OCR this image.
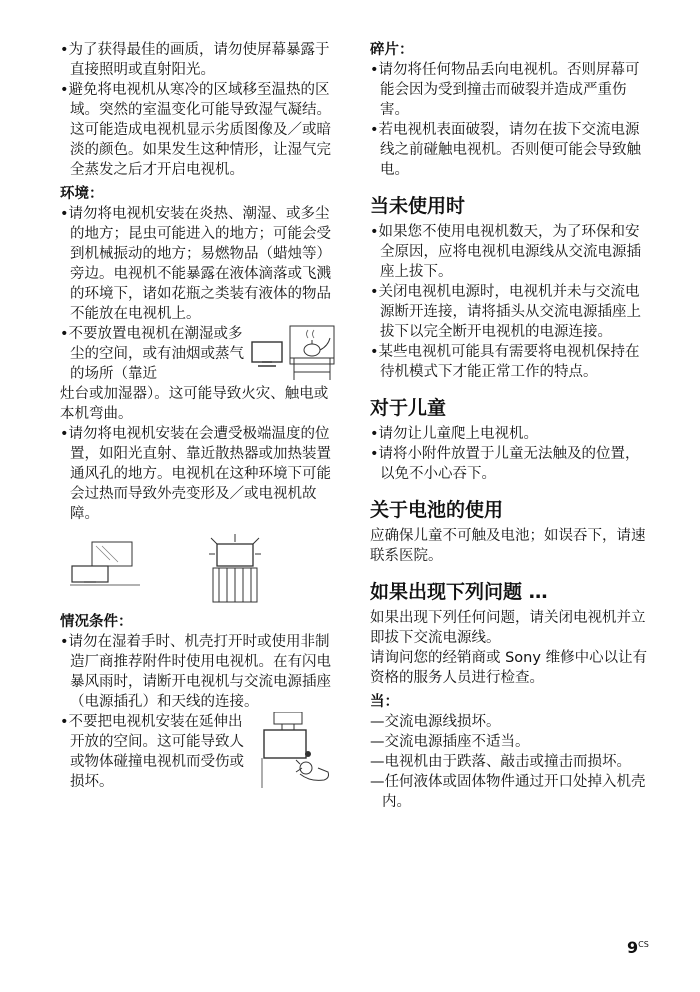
•为了获得最佳的画质，请勿使屏幕暴露于直接照明或直射阳光。

•避免将电视机从寒冷的区域移至温热的区域。突然的室温变化可能导致湿气凝结。这可能造成电视机显示劣质图像及／或暗淡的颜色。如果发生这种情形，让湿气完全蒸发之后才开启电视机。

环境：

•请勿将电视机安装在炎热、潮湿、或多尘的地方；昆虫可能进入的地方；可能会受到机械振动的地方；易燃物品（蜡烛等）旁边。电视机不能暴露在液体滴落或飞溅的环境下，诸如花瓶之类装有液体的物品不能放在电视机上。

•不要放置电视机在潮湿或多尘的空间，或有油烟或蒸气的场所（靠近

灶台或加湿器）。这可能导致火灾、触电或本机弯曲。

•请勿将电视机安装在会遭受极端温度的位置，如阳光直射、靠近散热器或加热装置通风孔的地方。电视机在这种环境下可能会过热而导致外壳变形及／或电视机故障。

情况条件：

•请勿在湿着手时、机壳打开时或使用非制造厂商推荐附件时使用电视机。在有闪电暴风雨时，请断开电视机与交流电源插座（电源插孔）和天线的连接。

•不要把电视机安装在延伸出开放的空间。这可能导致人或物体碰撞电视机而受伤或损坏。

碎片：

•请勿将任何物品丢向电视机。否则屏幕可能会因为受到撞击而破裂并造成严重伤害。

•若电视机表面破裂，请勿在拔下交流电源线之前碰触电视机。否则便可能会导致触电。

当未使用时

•如果您不使用电视机数天，为了环保和安全原因，应将电视机电源线从交流电源插座上拔下。

•关闭电视机电源时，电视机并未与交流电源断开连接，请将插头从交流电源插座上拔下以完全断开电视机的电源连接。

•某些电视机可能具有需要将电视机保持在待机模式下才能正常工作的特点。

对于儿童

•请勿让儿童爬上电视机。

•请将小附件放置于儿童无法触及的位置，以免不小心吞下。

关于电池的使用

应确保儿童不可触及电池；如误吞下，请速联系医院。

如果出现下列问题 …

如果出现下列任何问题，请关闭电视机并立即拔下交流电源线。

请询问您的经销商或 Sony 维修中心以让有资格的服务人员进行检查。

当：

—交流电源线损坏。

—交流电源插座不适当。

—电视机由于跌落、敲击或撞击而损坏。

—任何液体或固体物件通过开口处掉入机壳内。

$9^{CS}$
